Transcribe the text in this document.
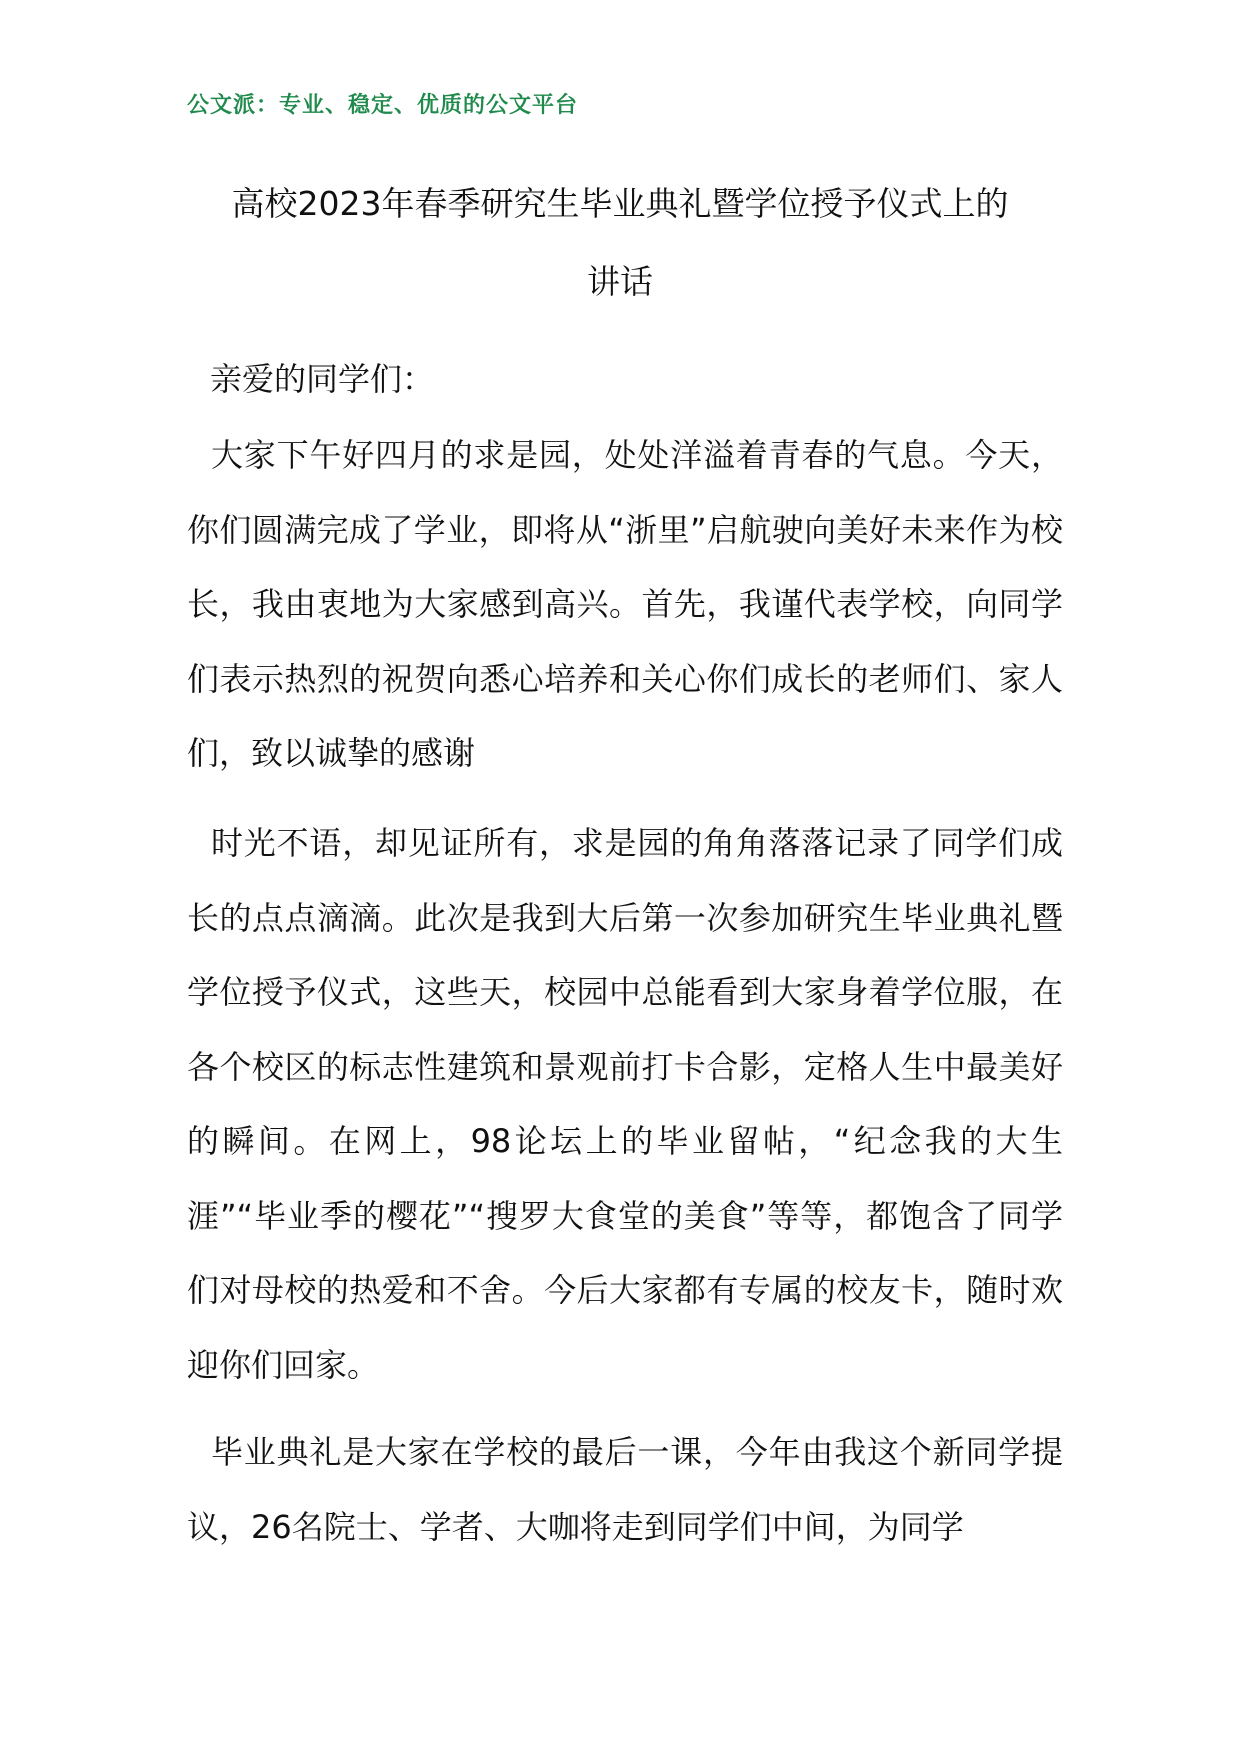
公文派：专业、稳定、优质的公文平台
高校2023年春季研究生毕业典礼暨学位授予仪式上的
讲话
亲爱的同学们：

大家下午好四月的求是园，处处洋溢着青春的气息。今天，你们圆满完成了学业，即将从“浙里”启航驶向美好未来作为校长，我由衷地为大家感到高兴。首先，我谨代表学校，向同学们表示热烈的祝贺向悉心培养和关心你们成长的老师们、家人们，致以诚挚的感谢

时光不语，却见证所有，求是园的角角落落记录了同学们成长的点点滴滴。此次是我到大后第一次参加研究生毕业典礼暨学位授予仪式，这些天，校园中总能看到大家身着学位服，在各个校区的标志性建筑和景观前打卡合影，定格人生中最美好的瞬间。在网上，98论坛上的毕业留帖，“纪念我的大生涯”“毕业季的樱花”“搜罗大食堂的美食”等等，都饱含了同学们对母校的热爱和不舍。今后大家都有专属的校友卡，随时欢迎你们回家。

毕业典礼是大家在学校的最后一课，今年由我这个新同学提议，26名院士、学者、大咖将走到同学们中间，为同学
